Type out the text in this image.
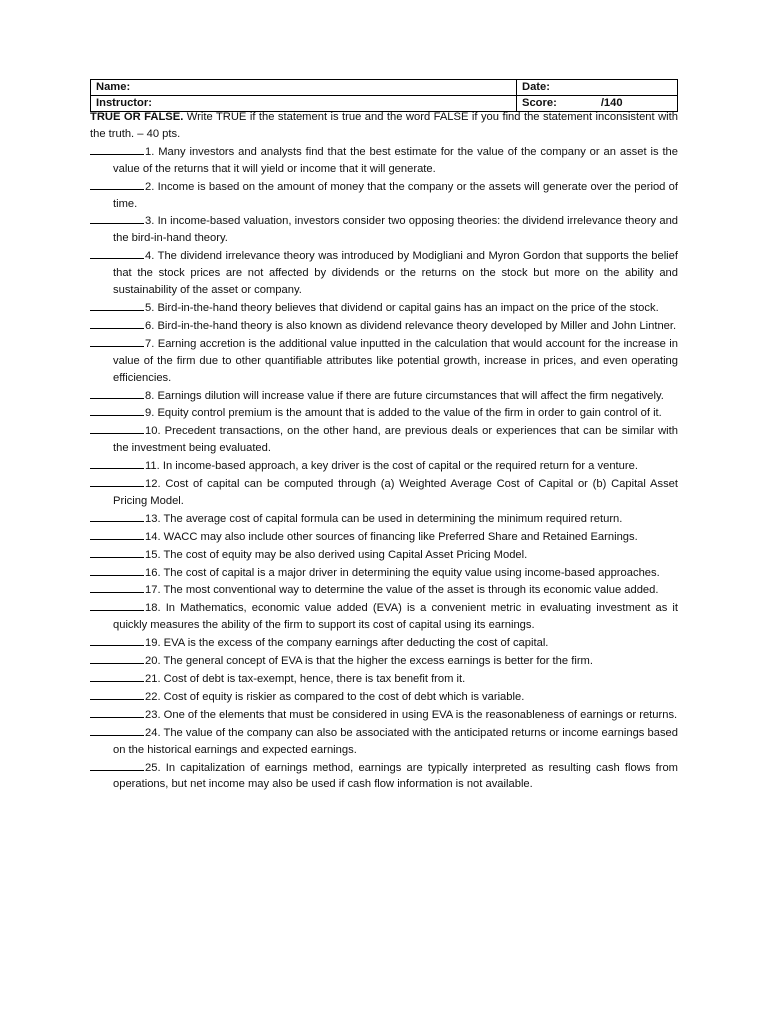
Name:	Date:
Instructor:	Score: /140

TRUE OR FALSE. Write TRUE if the statement is true and the word FALSE if you find the statement inconsistent with the truth. – 40 pts.

1. Many investors and analysts find that the best estimate for the value of the company or an asset is the value of the returns that it will yield or income that it will generate.

2. Income is based on the amount of money that the company or the assets will generate over the period of time.

3. In income-based valuation, investors consider two opposing theories: the dividend irrelevance theory and the bird-in-hand theory.

4. The dividend irrelevance theory was introduced by Modigliani and Myron Gordon that supports the belief that the stock prices are not affected by dividends or the returns on the stock but more on the ability and sustainability of the asset or company.

5. Bird-in-the-hand theory believes that dividend or capital gains has an impact on the price of the stock.

6. Bird-in-the-hand theory is also known as dividend relevance theory developed by Miller and John Lintner.

7. Earning accretion is the additional value inputted in the calculation that would account for the increase in value of the firm due to other quantifiable attributes like potential growth, increase in prices, and even operating efficiencies.

8. Earnings dilution will increase value if there are future circumstances that will affect the firm negatively.

9. Equity control premium is the amount that is added to the value of the firm in order to gain control of it.

10. Precedent transactions, on the other hand, are previous deals or experiences that can be similar with the investment being evaluated.

11. In income-based approach, a key driver is the cost of capital or the required return for a venture.

12. Cost of capital can be computed through (a) Weighted Average Cost of Capital or (b) Capital Asset Pricing Model.

13. The average cost of capital formula can be used in determining the minimum required return.

14. WACC may also include other sources of financing like Preferred Share and Retained Earnings.

15. The cost of equity may be also derived using Capital Asset Pricing Model.

16. The cost of capital is a major driver in determining the equity value using income-based approaches.

17. The most conventional way to determine the value of the asset is through its economic value added.

18. In Mathematics, economic value added (EVA) is a convenient metric in evaluating investment as it quickly measures the ability of the firm to support its cost of capital using its earnings.

19. EVA is the excess of the company earnings after deducting the cost of capital.

20. The general concept of EVA is that the higher the excess earnings is better for the firm.

21. Cost of debt is tax-exempt, hence, there is tax benefit from it.

22. Cost of equity is riskier as compared to the cost of debt which is variable.

23. One of the elements that must be considered in using EVA is the reasonableness of earnings or returns.

24. The value of the company can also be associated with the anticipated returns or income earnings based on the historical earnings and expected earnings.

25. In capitalization of earnings method, earnings are typically interpreted as resulting cash flows from operations, but net income may also be used if cash flow information is not available.
